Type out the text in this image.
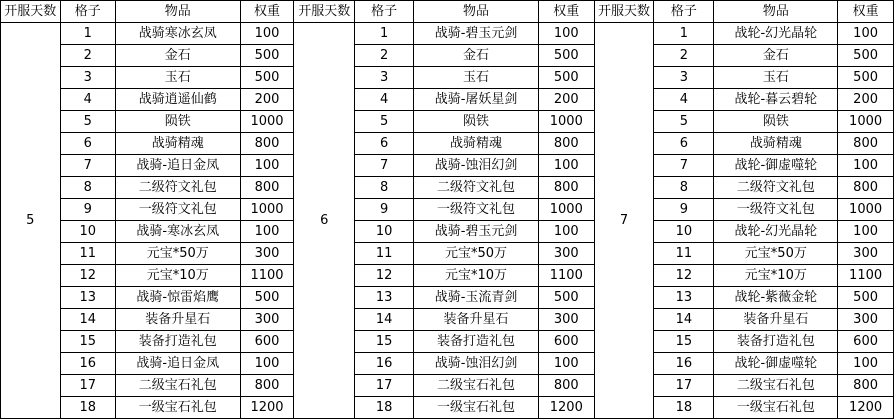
开服天数	格子	物品	权重
5	1	战骑寒冰玄凤	100
	2	金石	500
	3	玉石	500
	4	战骑逍遥仙鹤	200
	5	陨铁	1000
	6	战骑精魂	800
	7	战骑-追日金凤	100
	8	二级符文礼包	800
	9	一级符文礼包	1000
	10	战骑-寒冰玄凤	100
	11	元宝*50万	300
	12	元宝*10万	1100
	13	战骑-惊雷焰鹰	500
	14	装备升星石	300
	15	装备打造礼包	600
	16	战骑-追日金凤	100
	17	二级宝石礼包	800
	18	一级宝石礼包	1200
开服天数	格子	物品	权重
6	1	战骑-碧玉元剑	100
	2	金石	500
	3	玉石	500
	4	战骑-屠妖星剑	200
	5	陨铁	1000
	6	战骑精魂	800
	7	战骑-蚀泪幻剑	100
	8	二级符文礼包	800
	9	一级符文礼包	1000
	10	战骑-碧玉元剑	100
	11	元宝*50万	300
	12	元宝*10万	1100
	13	战骑-玉流青剑	500
	14	装备升星石	300
	15	装备打造礼包	600
	16	战骑-蚀泪幻剑	100
	17	二级宝石礼包	800
	18	一级宝石礼包	1200
开服天数	格子	物品	权重
7	1	战轮-幻光晶轮	100
	2	金石	500
	3	玉石	500
	4	战轮-暮云碧轮	200
	5	陨铁	1000
	6	战骑精魂	800
	7	战轮-御虚噬轮	100
	8	二级符文礼包	800
	9	一级符文礼包	1000
	10	战轮-幻光晶轮	100
	11	元宝*50万	300
	12	元宝*10万	1100
	13	战轮-紫薇金轮	500
	14	装备升星石	300
	15	装备打造礼包	600
	16	战轮-御虚噬轮	100
	17	二级宝石礼包	800
	18	一级宝石礼包	1200
